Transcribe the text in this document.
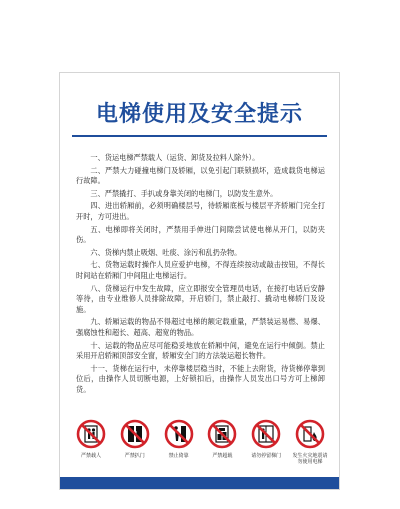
电梯使用及安全提示
一、货运电梯严禁载人（运货、卸货及拉料人除外）。
二、严禁大力碰撞电梯门及轿厢，以免引起门联锁损坏，造成载货电梯运行故障。
三、严禁撬打、手扒或身靠关闭的电梯门，以防发生意外。
四、进出轿厢前，必须明确楼层号，待轿厢底板与楼层平齐轿厢门完全打开时，方可进出。
五、电梯即将关闭时，严禁用手伸进门间隙尝试使电梯从开门，以防夹伤。
六、货梯内禁止吸烟、吐痰、涂污和乱扔杂物。
七、货物运载时操作人员应爱护电梯，不得连续按动或敲击按钮，不得长时间站在轿厢门中间阻止电梯运行。
八、货梯运行中发生故障，应立即报安全管理员电话，在接打电话后安静等待，由专业维修人员排除故障，开启轿门，禁止敲打、撬动电梯轿门及设施。
九、轿厢运载的物品不得超过电梯的额定载重量，严禁装运易燃、易爆、强腐蚀性和超长、超高、超宽的物品。
十、运载的物品应尽可能稳妥地放在轿厢中间，避免在运行中倾倒。禁止采用开启轿厢顶部安全窗，轿厢安全门的方法装运超长物件。
十一、货梯在运行中，未停靠楼层稳当时，不能上去附货，待货梯停靠到位后，由操作人员切断电源，上好锁扣后，由操作人员发出口号方可上梯卸货。
严禁载人	严禁扒门	禁止倚靠	严禁超载	请勿停留梯门	发生火灾地震请勿使用电梯
